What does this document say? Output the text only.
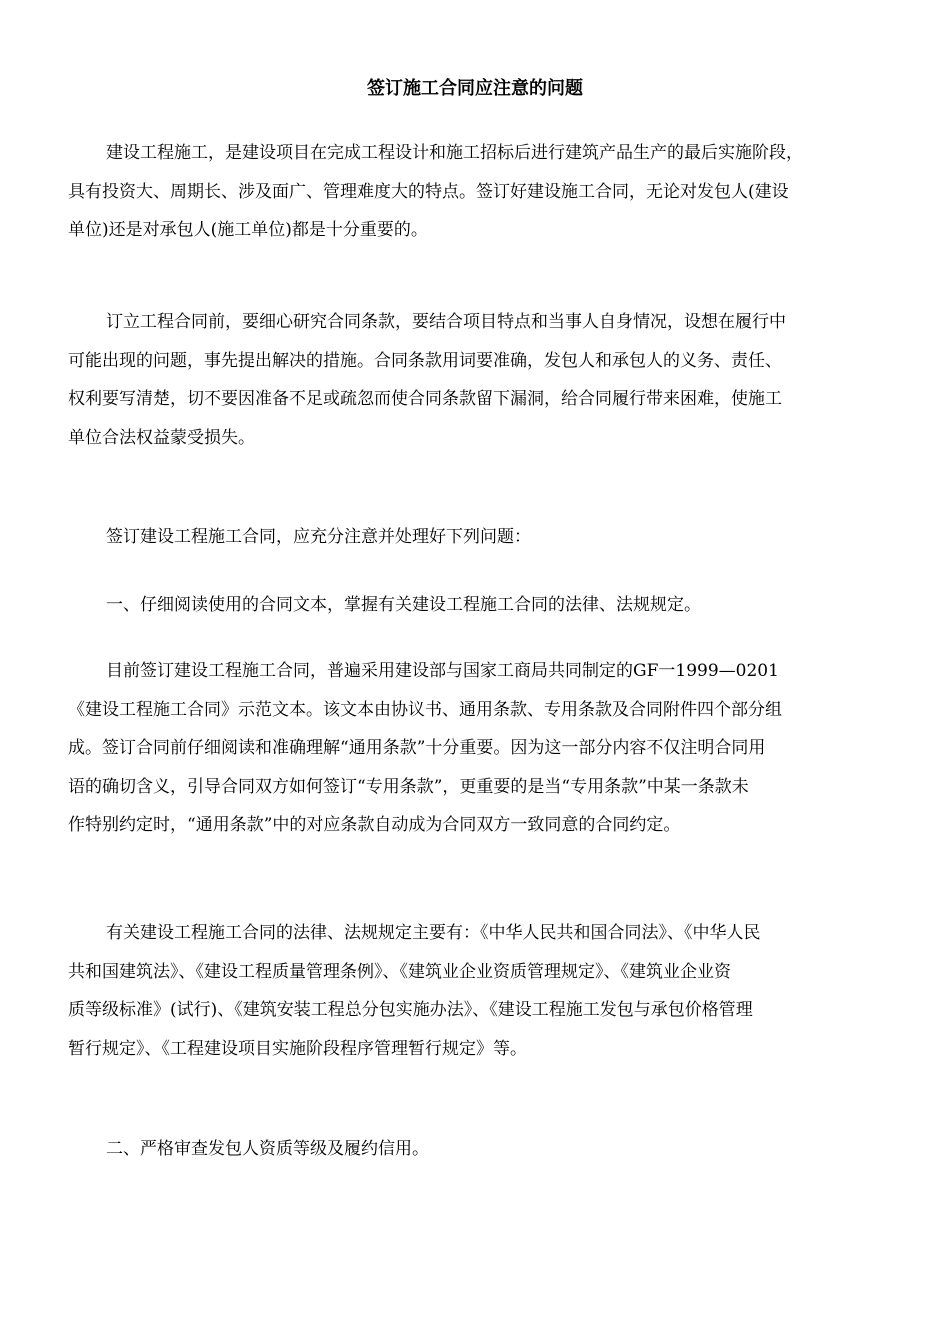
签订施工合同应注意的问题

建设工程施工，是建设项目在完成工程设计和施工招标后进行建筑产品生产的最后实施阶段，
具有投资大、周期长、涉及面广、管理难度大的特点。签订好建设施工合同，无论对发包人(建设
单位)还是对承包人(施工单位)都是十分重要的。

订立工程合同前，要细心研究合同条款，要结合项目特点和当事人自身情况，设想在履行中
可能出现的问题，事先提出解决的措施。合同条款用词要准确，发包人和承包人的义务、责任、
权利要写清楚，切不要因准备不足或疏忽而使合同条款留下漏洞，给合同履行带来困难，使施工
单位合法权益蒙受损失。

签订建设工程施工合同，应充分注意并处理好下列问题：

一、仔细阅读使用的合同文本，掌握有关建设工程施工合同的法律、法规规定。

目前签订建设工程施工合同，普遍采用建设部与国家工商局共同制定的GF一1999—0201
《建设工程施工合同》示范文本。该文本由协议书、通用条款、专用条款及合同附件四个部分组
成。签订合同前仔细阅读和准确理解“通用条款”十分重要。因为这一部分内容不仅注明合同用
语的确切含义，引导合同双方如何签订“专用条款”，更重要的是当“专用条款”中某一条款未
作特别约定时，“通用条款”中的对应条款自动成为合同双方一致同意的合同约定。

有关建设工程施工合同的法律、法规规定主要有：《中华人民共和国合同法》、《中华人民
共和国建筑法》、《建设工程质量管理条例》、《建筑业企业资质管理规定》、《建筑业企业资
质等级标准》(试行)、《建筑安装工程总分包实施办法》、《建设工程施工发包与承包价格管理
暂行规定》、《工程建设项目实施阶段程序管理暂行规定》等。

二、严格审查发包人资质等级及履约信用。
